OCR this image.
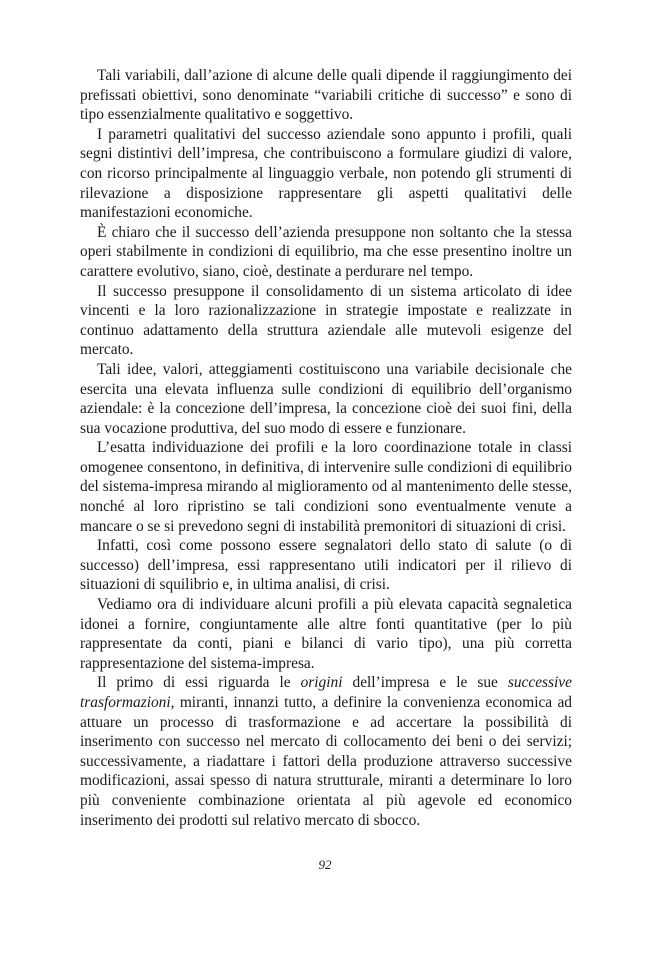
Tali variabili, dall’azione di alcune delle quali dipende il raggiungimento dei prefissati obiettivi, sono denominate “variabili critiche di successo” e sono di tipo essenzialmente qualitativo e soggettivo.

I parametri qualitativi del successo aziendale sono appunto i profili, quali segni distintivi dell’impresa, che contribuiscono a formulare giudizi di valore, con ricorso principalmente al linguaggio verbale, non potendo gli strumenti di rilevazione a disposizione rappresentare gli aspetti qualitativi delle manifestazioni economiche.

È chiaro che il successo dell’azienda presuppone non soltanto che la stessa operi stabilmente in condizioni di equilibrio, ma che esse presentino inoltre un carattere evolutivo, siano, cioè, destinate a perdurare nel tempo.

Il successo presuppone il consolidamento di un sistema articolato di idee vincenti e la loro razionalizzazione in strategie impostate e realizzate in continuo adattamento della struttura aziendale alle mutevoli esigenze del mercato.

Tali idee, valori, atteggiamenti costituiscono una variabile decisionale che esercita una elevata influenza sulle condizioni di equilibrio dell’organismo aziendale: è la concezione dell’impresa, la concezione cioè dei suoi fini, della sua vocazione produttiva, del suo modo di essere e funzionare.

L’esatta individuazione dei profili e la loro coordinazione totale in classi omogenee consentono, in definitiva, di intervenire sulle condizioni di equilibrio del sistema-impresa mirando al miglioramento od al mantenimento delle stesse, nonché al loro ripristino se tali condizioni sono eventualmente venute a mancare o se si prevedono segni di instabilità premonitori di situazioni di crisi.

Infatti, così come possono essere segnalatori dello stato di salute (o di successo) dell’impresa, essi rappresentano utili indicatori per il rilievo di situazioni di squilibrio e, in ultima analisi, di crisi.

Vediamo ora di individuare alcuni profili a più elevata capacità segnaletica idonei a fornire, congiuntamente alle altre fonti quantitative (per lo più rappresentate da conti, piani e bilanci di vario tipo), una più corretta rappresentazione del sistema-impresa.

Il primo di essi riguarda le origini dell’impresa e le sue successive trasformazioni, miranti, innanzi tutto, a definire la convenienza economica ad attuare un processo di trasformazione e ad accertare la possibilità di inserimento con successo nel mercato di collocamento dei beni o dei servizi; successivamente, a riadattare i fattori della produzione attraverso successive modificazioni, assai spesso di natura strutturale, miranti a determinare lo loro più conveniente combinazione orientata al più agevole ed economico inserimento dei prodotti sul relativo mercato di sbocco.

92
